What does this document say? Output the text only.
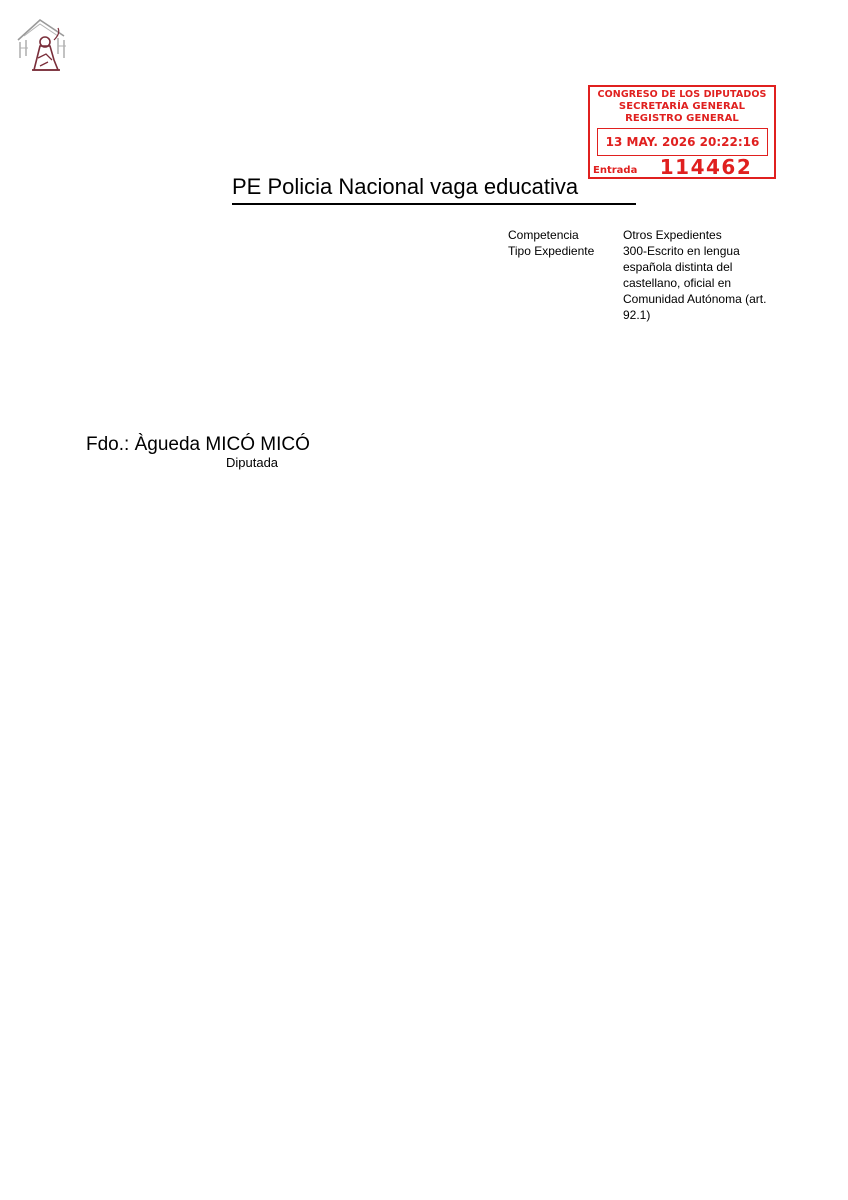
CONGRESO DE LOS DIPUTADOS
SECRETARÍA GENERAL
REGISTRO GENERAL
13 MAY. 2026 20:22:16
Entrada	114462
PE Policia Nacional vaga educativa
Competencia	Otros Expedientes
Tipo Expediente 300-Escrito en lengua española distinta del castellano, oficial en Comunidad Autónoma (art. 92.1)
Fdo.: Àgueda MICÓ MICÓ
Diputada
